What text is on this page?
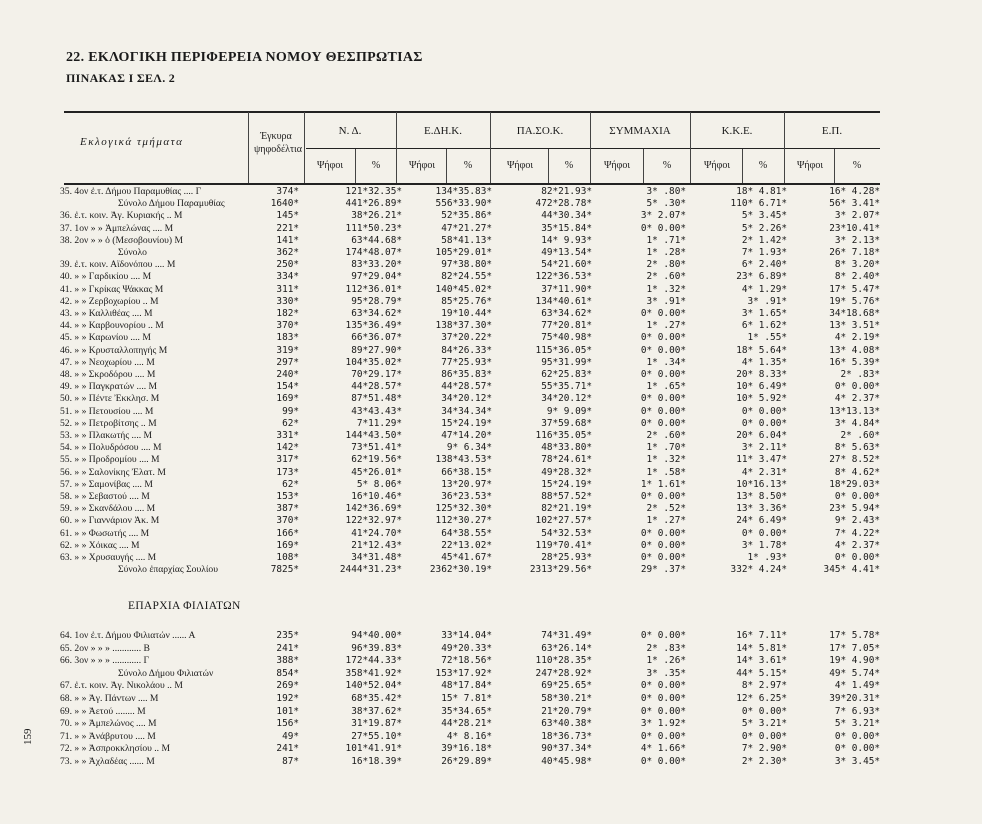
22. ΕΚΛΟΓΙΚΗ ΠΕΡΙΦΕΡΕΙΑ ΝΟΜΟΥ ΘΕΣΠΡΩΤΙΑΣ
ΠΙΝΑΚΑΣ Ι ΣΕΛ. 2
Εκλογικά τμήματα	Έγκυρα ψηφοδέλτια
Ν. Δ.	Ε.ΔΗ.Κ.	ΠΑ.ΣΟ.Κ.	ΣΥΜΜΑΧΙΑ	Κ.Κ.Ε.	Ε.Π.
Ψήφοι	%	Ψήφοι	%	Ψήφοι	%	Ψήφοι	%	Ψήφοι	%	Ψήφοι	%
35. 4ον ἐ.τ. Δήμου Παραμυθίας .... Γ	374*	121*32.35*	134*35.83*	82*21.93*	3* .80*	18* 4.81*	16* 4.28*
Σύνολο Δήμου Παραμυθίας	1640*	441*26.89*	556*33.90*	472*28.78*	5* .30*	110* 6.71*	56* 3.41*
36. ἐ.τ. κοιν. Ἀγ. Κυριακής .. Μ	145*	38*26.21*	52*35.86*	44*30.34*	3* 2.07*	5* 3.45*	3* 2.07*
37. 1ον » » Ἀμπελώνας .... Μ	221*	111*50.23*	47*21.27*	35*15.84*	0* 0.00*	5* 2.26*	23*10.41*
38. 2ον » » ὁ (Μεσοβουνίου) Μ	141*	63*44.68*	58*41.13*	14* 9.93*	1* .71*	2* 1.42*	3* 2.13*
Σύνολο	362*	174*48.07*	105*29.01*	49*13.54*	1* .28*	7* 1.93*	26* 7.18*
39. ἐ.τ. κοιν. Αϊδονόπου .... Μ	250*	83*33.20*	97*38.80*	54*21.60*	2* .80*	6* 2.40*	8* 3.20*
40. » » Γαρδικίου .... Μ	334*	97*29.04*	82*24.55*	122*36.53*	2* .60*	23* 6.89*	8* 2.40*
41. » » Γκρίκας Ψάκκας Μ	311*	112*36.01*	140*45.02*	37*11.90*	1* .32*	4* 1.29*	17* 5.47*
42. » » Ζερβοχωρίου .. Μ	330*	95*28.79*	85*25.76*	134*40.61*	3* .91*	3* .91*	19* 5.76*
43. » » Καλλιθέας .... Μ	182*	63*34.62*	19*10.44*	63*34.62*	0* 0.00*	3* 1.65*	34*18.68*
44. » » Καρβουνορίου .. Μ	370*	135*36.49*	138*37.30*	77*20.81*	1* .27*	6* 1.62*	13* 3.51*
45. » » Καρωνίου .... Μ	183*	66*36.07*	37*20.22*	75*40.98*	0* 0.00*	1* .55*	4* 2.19*
46. » » Κρυσταλλοπηγής Μ	319*	89*27.90*	84*26.33*	115*36.05*	0* 0.00*	18* 5.64*	13* 4.08*
47. » » Νεοχωρίου .... Μ	297*	104*35.02*	77*25.93*	95*31.99*	1* .34*	4* 1.35*	16* 5.39*
48. » » Σκροδόρου .... Μ	240*	70*29.17*	86*35.83*	62*25.83*	0* 0.00*	20* 8.33*	2* .83*
49. » » Παγκρατών .... Μ	154*	44*28.57*	44*28.57*	55*35.71*	1* .65*	10* 6.49*	0* 0.00*
50. » » Πέντε Ἐκκλησ. Μ	169*	87*51.48*	34*20.12*	34*20.12*	0* 0.00*	10* 5.92*	4* 2.37*
51. » » Πετουσίου .... Μ	99*	43*43.43*	34*34.34*	9* 9.09*	0* 0.00*	0* 0.00*	13*13.13*
52. » » Πετροβίτσης .. Μ	62*	7*11.29*	15*24.19*	37*59.68*	0* 0.00*	0* 0.00*	3* 4.84*
53. » » Πλακωτής .... Μ	331*	144*43.50*	47*14.20*	116*35.05*	2* .60*	20* 6.04*	2* .60*
54. » » Πολυδρόσου .... Μ	142*	73*51.41*	9* 6.34*	48*33.80*	1* .70*	3* 2.11*	8* 5.63*
55. » » Προδρομίου .... Μ	317*	62*19.56*	138*43.53*	78*24.61*	1* .32*	11* 3.47*	27* 8.52*
56. » » Σαλονίκης Ἐλατ. Μ	173*	45*26.01*	66*38.15*	49*28.32*	1* .58*	4* 2.31*	8* 4.62*
57. » » Σαμονίβας .... Μ	62*	5* 8.06*	13*20.97*	15*24.19*	1* 1.61*	10*16.13*	18*29.03*
58. » » Σεβαστού .... Μ	153*	16*10.46*	36*23.53*	88*57.52*	0* 0.00*	13* 8.50*	0* 0.00*
59. » » Σκανδάλου .... Μ	387*	142*36.69*	125*32.30*	82*21.19*	2* .52*	13* 3.36*	23* 5.94*
60. » » Γιαννάριον Ἀκ. Μ	370*	122*32.97*	112*30.27*	102*27.57*	1* .27*	24* 6.49*	9* 2.43*
61. » » Φωσωτής .... Μ	166*	41*24.70*	64*38.55*	54*32.53*	0* 0.00*	0* 0.00*	7* 4.22*
62. » » Χόικας .... Μ	169*	21*12.43*	22*13.02*	119*70.41*	0* 0.00*	3* 1.78*	4* 2.37*
63. » » Χρυσαυγής .... Μ	108*	34*31.48*	45*41.67*	28*25.93*	0* 0.00*	1* .93*	0* 0.00*
Σύνολο ἐπαρχίας Σουλίου	7825*	2444*31.23*	2362*30.19*	2313*29.56*	29* .37*	332* 4.24*	345* 4.41*
64. 1ον ἐ.τ. Δήμου Φιλιατών ...... Α	235*	94*40.00*	33*14.04*	74*31.49*	0* 0.00*	16* 7.11*	17* 5.78*
65. 2ον » » » ............ Β	241*	96*39.83*	49*20.33*	63*26.14*	2* .83*	14* 5.81*	17* 7.05*
66. 3ον » » » ............ Γ	388*	172*44.33*	72*18.56*	110*28.35*	1* .26*	14* 3.61*	19* 4.90*
Σύνολο Δήμου Φιλιατών	854*	358*41.92*	153*17.92*	247*28.92*	3* .35*	44* 5.15*	49* 5.74*
67. ἐ.τ. κοιν. Ἀγ. Νικολάου .. Μ	269*	140*52.04*	48*17.84*	69*25.65*	0* 0.00*	8* 2.97*	4* 1.49*
68. » » Ἀγ. Πάντων .... Μ	192*	68*35.42*	15* 7.81*	58*30.21*	0* 0.00*	12* 6.25*	39*20.31*
69. » » Ἀετού ........ Μ	101*	38*37.62*	35*34.65*	21*20.79*	0* 0.00*	0* 0.00*	7* 6.93*
70. » » Ἀμπελώνος .... Μ	156*	31*19.87*	44*28.21*	63*40.38*	3* 1.92*	5* 3.21*	5* 3.21*
71. » » Ἀνάβρυτου .... Μ	49*	27*55.10*	4* 8.16*	18*36.73*	0* 0.00*	0* 0.00*	0* 0.00*
72. » » Ἀσπροκκλησίου .. Μ	241*	101*41.91*	39*16.18*	90*37.34*	4* 1.66*	7* 2.90*	0* 0.00*
73. » » Ἀχλαδέας ...... Μ	87*	16*18.39*	26*29.89*	40*45.98*	0* 0.00*	2* 2.30*	3* 3.45*
ΕΠΑΡΧΙΑ ΦΙΛΙΑΤΩΝ
159
